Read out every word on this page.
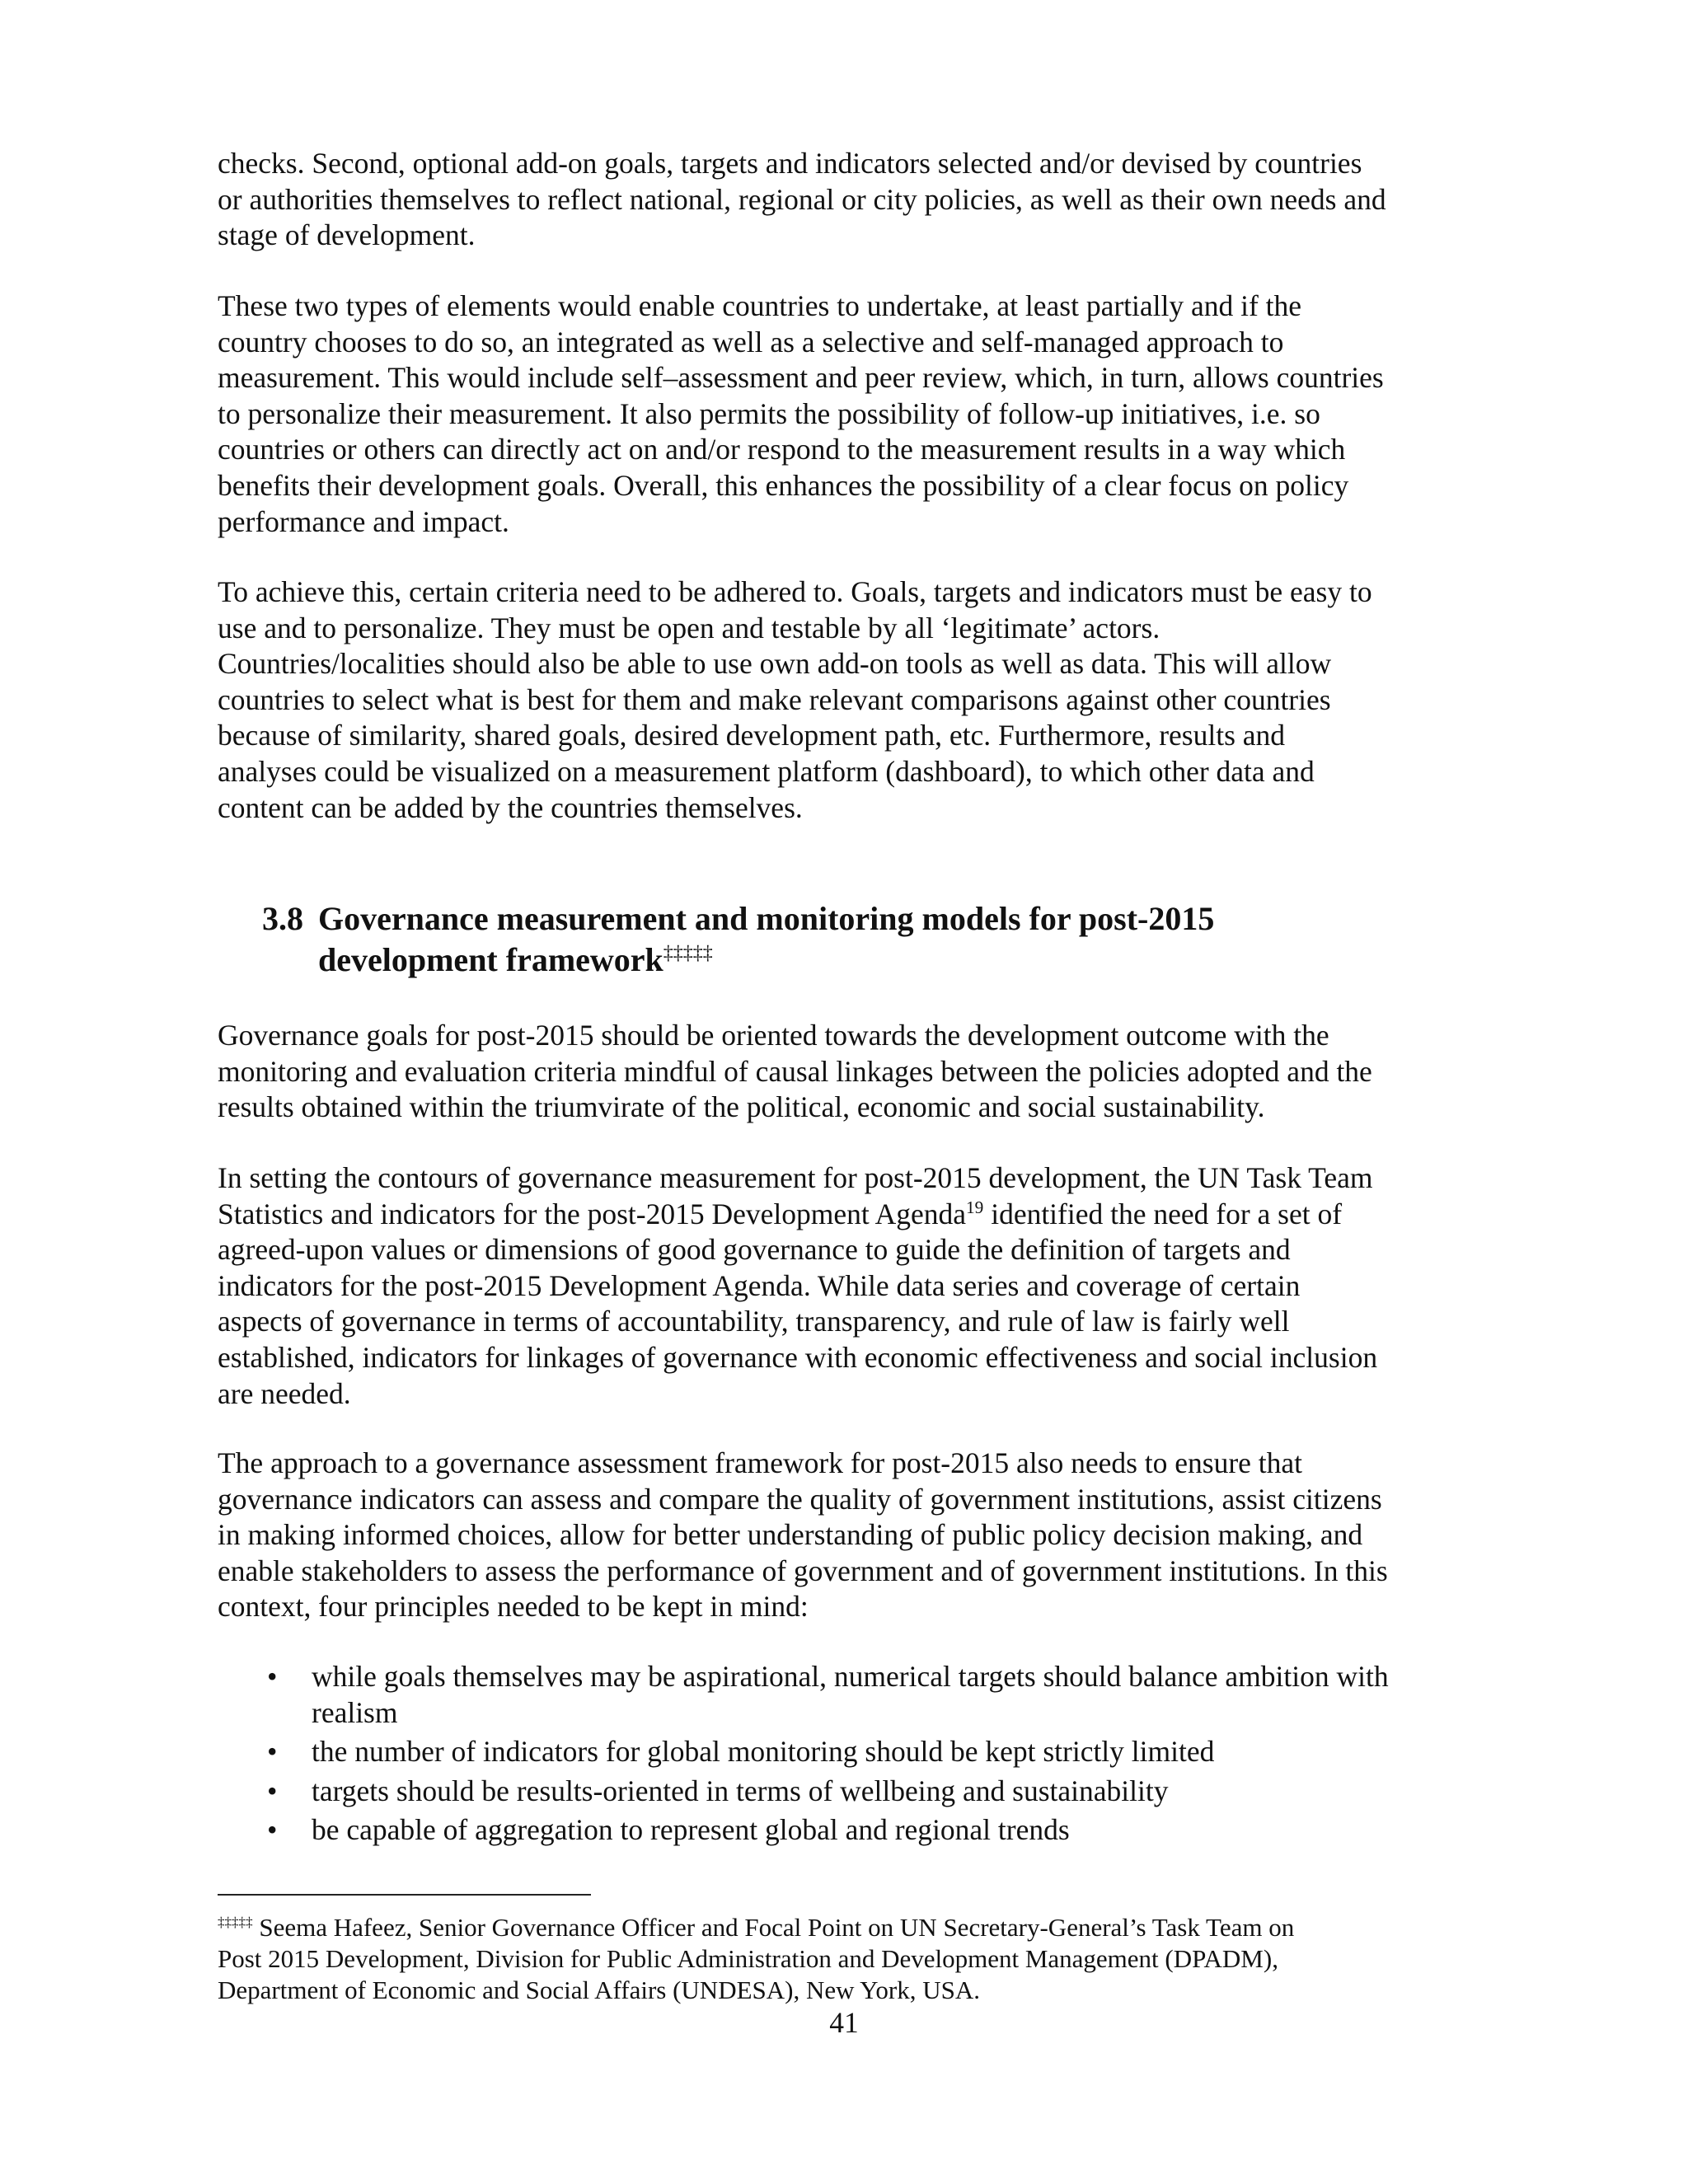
checks. Second, optional add-on goals, targets and indicators selected and/or devised by countries
or authorities themselves to reflect national, regional or city policies, as well as their own needs and
stage of development.

These two types of elements would enable countries to undertake, at least partially and if the
country chooses to do so, an integrated as well as a selective and self-managed approach to
measurement. This would include self–assessment and peer review, which, in turn, allows countries
to personalize their measurement. It also permits the possibility of follow-up initiatives, i.e. so
countries or others can directly act on and/or respond to the measurement results in a way which
benefits their development goals. Overall, this enhances the possibility of a clear focus on policy
performance and impact.

To achieve this, certain criteria need to be adhered to. Goals, targets and indicators must be easy to
use and to personalize. They must be open and testable by all ‘legitimate’ actors.
Countries/localities should also be able to use own add-on tools as well as data. This will allow
countries to select what is best for them and make relevant comparisons against other countries
because of similarity, shared goals, desired development path, etc. Furthermore, results and
analyses could be visualized on a measurement platform (dashboard), to which other data and
content can be added by the countries themselves.

3.8 Governance measurement and monitoring models for post-2015
development framework‡‡‡‡‡

Governance goals for post-2015 should be oriented towards the development outcome with the
monitoring and evaluation criteria mindful of causal linkages between the policies adopted and the
results obtained within the triumvirate of the political, economic and social sustainability.

In setting the contours of governance measurement for post-2015 development, the UN Task Team
Statistics and indicators for the post-2015 Development Agenda$^{19}$ identified the need for a set of
agreed-upon values or dimensions of good governance to guide the definition of targets and
indicators for the post-2015 Development Agenda. While data series and coverage of certain
aspects of governance in terms of accountability, transparency, and rule of law is fairly well
established, indicators for linkages of governance with economic effectiveness and social inclusion
are needed.

The approach to a governance assessment framework for post-2015 also needs to ensure that
governance indicators can assess and compare the quality of government institutions, assist citizens
in making informed choices, allow for better understanding of public policy decision making, and
enable stakeholders to assess the performance of government and of government institutions. In this
context, four principles needed to be kept in mind:

• while goals themselves may be aspirational, numerical targets should balance ambition with
realism
• the number of indicators for global monitoring should be kept strictly limited
• targets should be results-oriented in terms of wellbeing and sustainability
• be capable of aggregation to represent global and regional trends

‡‡‡‡‡ Seema Hafeez, Senior Governance Officer and Focal Point on UN Secretary-General’s Task Team on
Post 2015 Development, Division for Public Administration and Development Management (DPADM),
Department of Economic and Social Affairs (UNDESA), New York, USA.

41
